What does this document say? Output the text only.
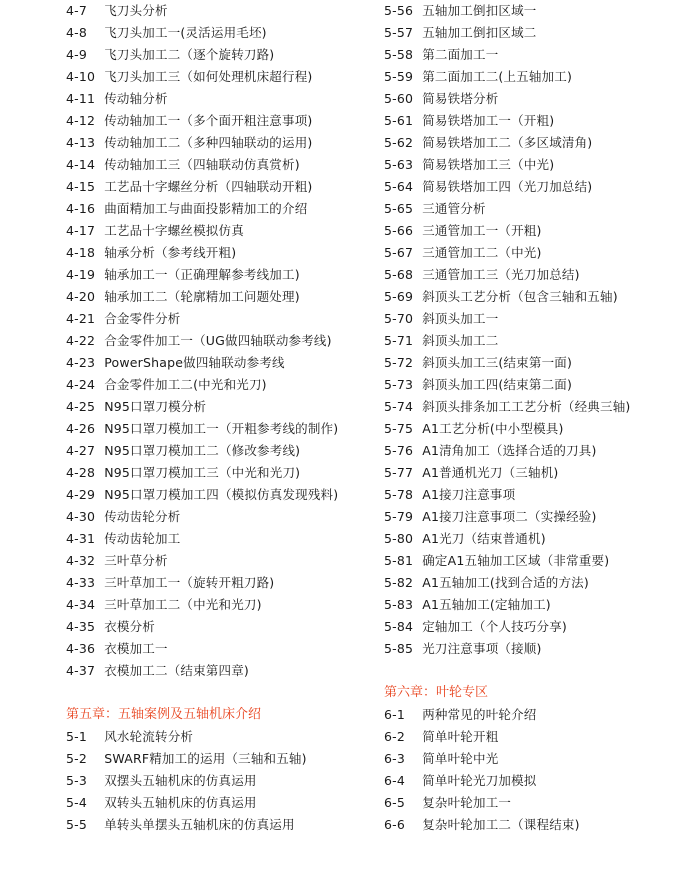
4-7 飞刀头分析
4-8 飞刀头加工一(灵活运用毛坯)
4-9 飞刀头加工二（逐个旋转刀路)
4-10 飞刀头加工三（如何处理机床超行程)
4-11 传动轴分析
4-12 传动轴加工一（多个面开粗注意事项)
4-13 传动轴加工二（多种四轴联动的运用)
4-14 传动轴加工三（四轴联动仿真赏析)
4-15 工艺品十字螺丝分析（四轴联动开粗)
4-16 曲面精加工与曲面投影精加工的介绍
4-17 工艺品十字螺丝模拟仿真
4-18 轴承分析（参考线开粗)
4-19 轴承加工一（正确理解参考线加工)
4-20 轴承加工二（轮廓精加工问题处理)
4-21 合金零件分析
4-22 合金零件加工一（UG做四轴联动参考线)
4-23 PowerShape做四轴联动参考线
4-24 合金零件加工二(中光和光刀)
4-25 N95口罩刀模分析
4-26 N95口罩刀模加工一（开粗参考线的制作)
4-27 N95口罩刀模加工二（修改参考线)
4-28 N95口罩刀模加工三（中光和光刀)
4-29 N95口罩刀模加工四（模拟仿真发现残料)
4-30 传动齿轮分析
4-31 传动齿轮加工
4-32 三叶草分析
4-33 三叶草加工一（旋转开粗刀路)
4-34 三叶草加工二（中光和光刀)
4-35 衣模分析
4-36 衣模加工一
4-37 衣模加工二（结束第四章)
第五章：五轴案例及五轴机床介绍
5-1 风水轮流转分析
5-2 SWARF精加工的运用（三轴和五轴)
5-3 双摆头五轴机床的仿真运用
5-4 双转头五轴机床的仿真运用
5-5 单转头单摆头五轴机床的仿真运用
5-56 五轴加工倒扣区域一
5-57 五轴加工倒扣区域二
5-58 第二面加工一
5-59 第二面加工二(上五轴加工)
5-60 简易铁塔分析
5-61 简易铁塔加工一（开粗)
5-62 简易铁塔加工二（多区域清角)
5-63 简易铁塔加工三（中光)
5-64 简易铁塔加工四（光刀加总结)
5-65 三通管分析
5-66 三通管加工一（开粗)
5-67 三通管加工二（中光)
5-68 三通管加工三（光刀加总结)
5-69 斜顶头工艺分析（包含三轴和五轴)
5-70 斜顶头加工一
5-71 斜顶头加工二
5-72 斜顶头加工三(结束第一面)
5-73 斜顶头加工四(结束第二面)
5-74 斜顶头排条加工工艺分析（经典三轴)
5-75 A1工艺分析(中小型模具)
5-76 A1清角加工（选择合适的刀具)
5-77 A1普通机光刀（三轴机)
5-78 A1接刀注意事项
5-79 A1接刀注意事项二（实操经验)
5-80 A1光刀（结束普通机)
5-81 确定A1五轴加工区域（非常重要)
5-82 A1五轴加工(找到合适的方法)
5-83 A1五轴加工(定轴加工)
5-84 定轴加工（个人技巧分享)
5-85 光刀注意事项（接顺)
第六章：叶轮专区
6-1 两种常见的叶轮介绍
6-2 简单叶轮开粗
6-3 简单叶轮中光
6-4 简单叶轮光刀加模拟
6-5 复杂叶轮加工一
6-6 复杂叶轮加工二（课程结束)
